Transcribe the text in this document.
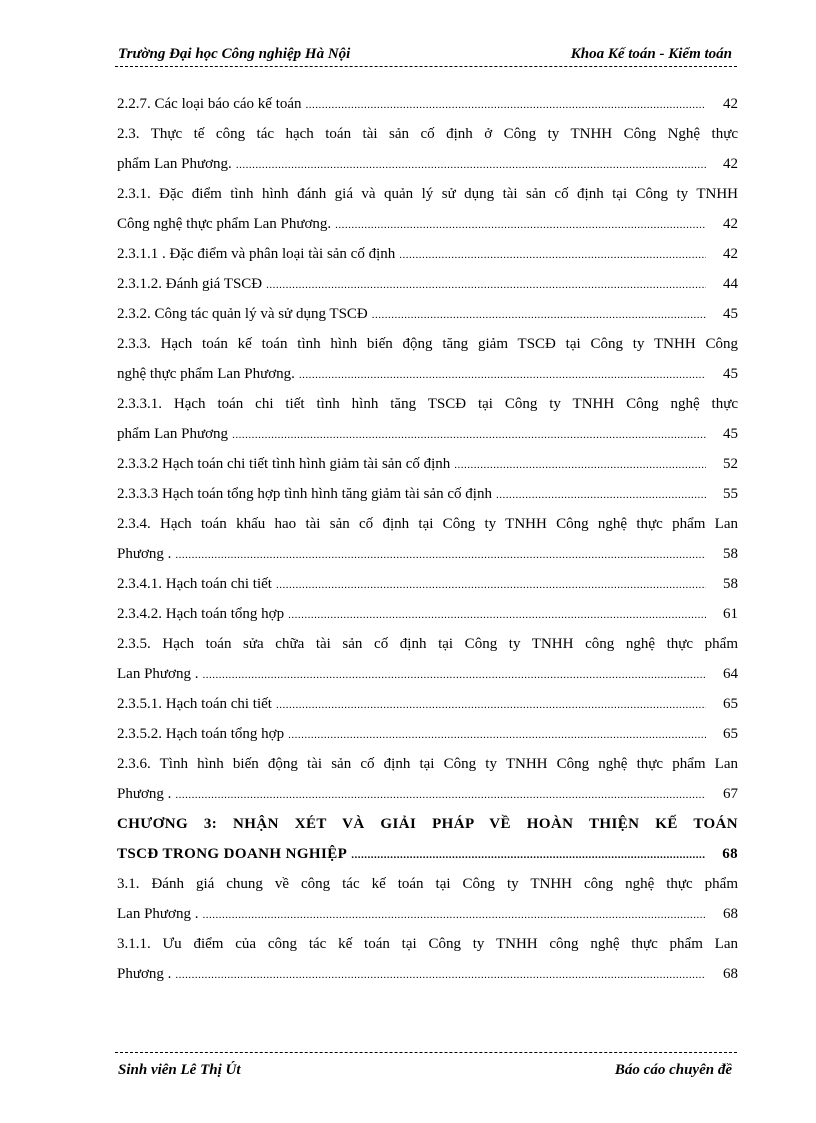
Trường Đại học Công nghiệp Hà Nội	Khoa Kế toán - Kiểm toán
2.2.7. Các loại báo cáo kế toán .....	42
2.3. Thực tế công tác hạch toán tài sản cố định ở Công ty TNHH Công Nghệ thực
phẩm Lan Phương. .....	42
2.3.1. Đặc điểm tình hình đánh giá và quản lý sử dụng tài sản cố định tại Công ty TNHH
Công nghệ thực phẩm Lan Phương. .....	42
2.3.1.1 . Đặc điểm và phân loại tài sản cố định .....	42
2.3.1.2. Đánh giá TSCĐ .....	44
2.3.2. Công tác quản lý và sử dụng TSCĐ .....	45
2.3.3. Hạch toán kế toán tình hình biến động tăng giảm TSCĐ tại Công ty TNHH Công
nghệ thực phẩm Lan Phương. .....	45
2.3.3.1. Hạch toán chi tiết tình hình tăng TSCĐ tại Công ty TNHH Công nghệ thực
phẩm Lan Phương .....	45
2.3.3.2 Hạch toán chi tiết tình hình giảm tài sản cố định .....	52
2.3.3.3 Hạch toán tổng hợp tình hình tăng giảm tài sản cố định .....	55
2.3.4. Hạch toán khấu hao tài sản cố định tại Công ty TNHH Công nghệ thực phẩm Lan
Phương . .....	58
2.3.4.1. Hạch toán chi tiết .....	58
2.3.4.2. Hạch toán tổng hợp .....	61
2.3.5. Hạch toán sửa chữa tài sản cố định tại Công ty TNHH công nghệ thực phẩm
Lan Phương . .....	64
2.3.5.1. Hạch toán chi tiết .....	65
2.3.5.2. Hạch toán tổng hợp .....	65
2.3.6. Tình hình biến động tài sản cố định tại Công ty TNHH Công nghệ thực phẩm Lan
Phương . .....	67
CHƯƠNG 3: NHẬN XÉT VÀ GIẢI PHÁP VỀ HOÀN THIỆN KẾ TOÁN
TSCĐ TRONG DOANH NGHIỆP .....	68
3.1. Đánh giá chung về công tác kế toán tại Công ty TNHH công nghệ thực phẩm
Lan Phương . .....	68
3.1.1. Ưu điểm của công tác kế toán tại Công ty TNHH công nghệ thực phẩm Lan
Phương . .....	68
Sinh viên Lê Thị Út	Báo cáo chuyên đề
